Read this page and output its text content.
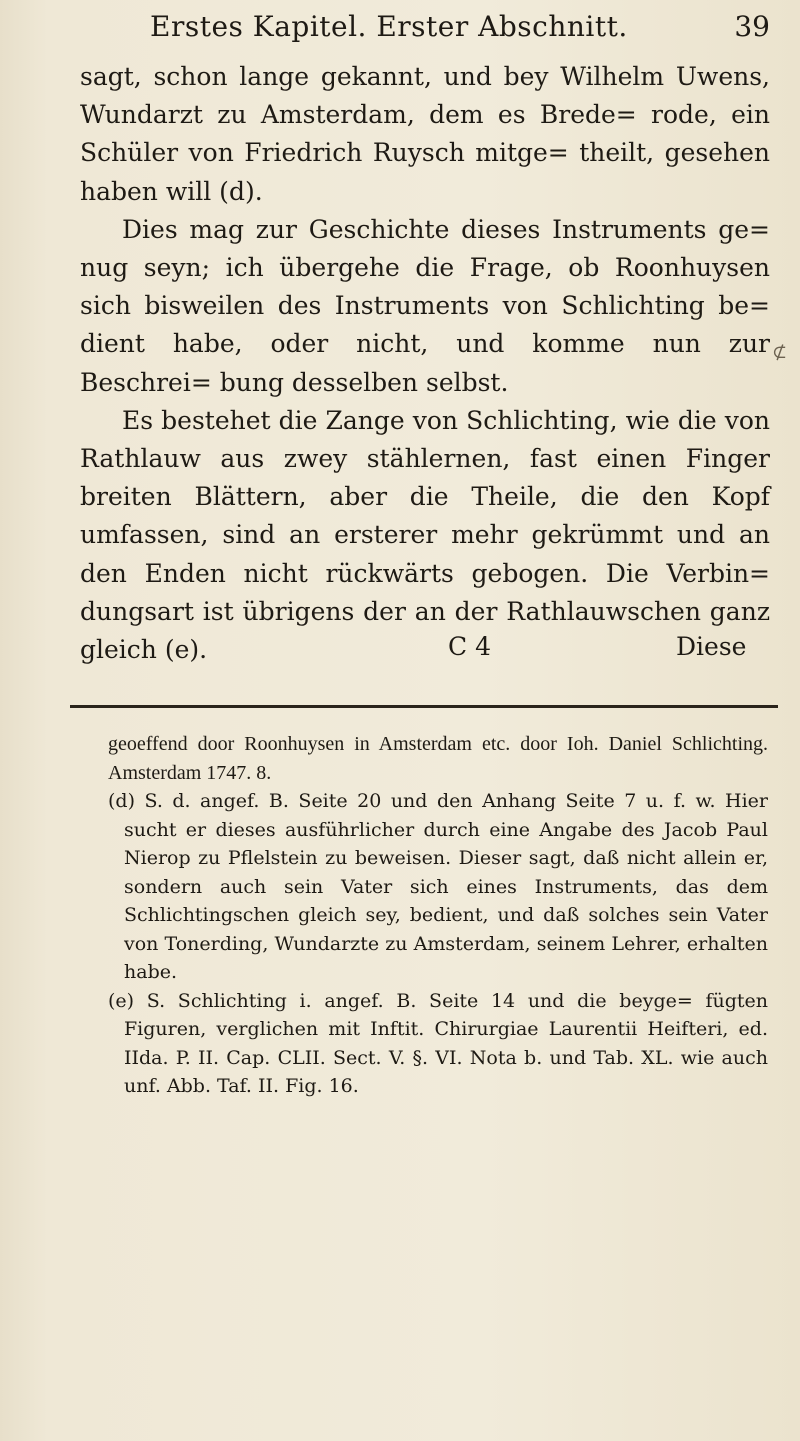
Erstes Kapitel. Erster Abschnitt.	39

sagt, schon lange gekannt, und bey Wilhelm Uwens, Wundarzt zu Amsterdam, dem es Brede= rode, ein Schüler von Friedrich Ruysch mitge= theilt, gesehen haben will (d).

Dies mag zur Geschichte dieses Instruments ge= nug seyn; ich übergehe die Frage, ob Roonhuysen sich bisweilen des Instruments von Schlichting be= dient habe, oder nicht, und komme nun zur Beschrei= bung desselben selbst.

Es bestehet die Zange von Schlichting, wie die von Rathlauw aus zwey stählernen, fast einen Finger breiten Blättern, aber die Theile, die den Kopf umfassen, sind an ersterer mehr gekrümmt und an den Enden nicht rückwärts gebogen. Die Verbin= dungsart ist übrigens der an der Rathlauwschen ganz gleich (e).

⊄
C 4	Diese

geoeffend door Roonhuysen in Amsterdam etc. door Ioh. Daniel Schlichting. Amsterdam 1747. 8.

(d) S. d. angef. B. Seite 20 und den Anhang Seite 7 u. f. w. Hier sucht er dieses ausführlicher durch eine Angabe des Jacob Paul Nierop zu Pflelstein zu beweisen. Dieser sagt, daß nicht allein er, sondern auch sein Vater sich eines Instruments, das dem Schlichtingschen gleich sey, bedient, und daß solches sein Vater von Tonerding, Wundarzte zu Amsterdam, seinem Lehrer, erhalten habe.

(e) S. Schlichting i. angef. B. Seite 14 und die beyge= fügten Figuren, verglichen mit Inftit. Chirurgiae Laurentii Heifteri, ed. IIda. P. II. Cap. CLII. Sect. V. §. VI. Nota b. und Tab. XL. wie auch unf. Abb. Taf. II. Fig. 16.
